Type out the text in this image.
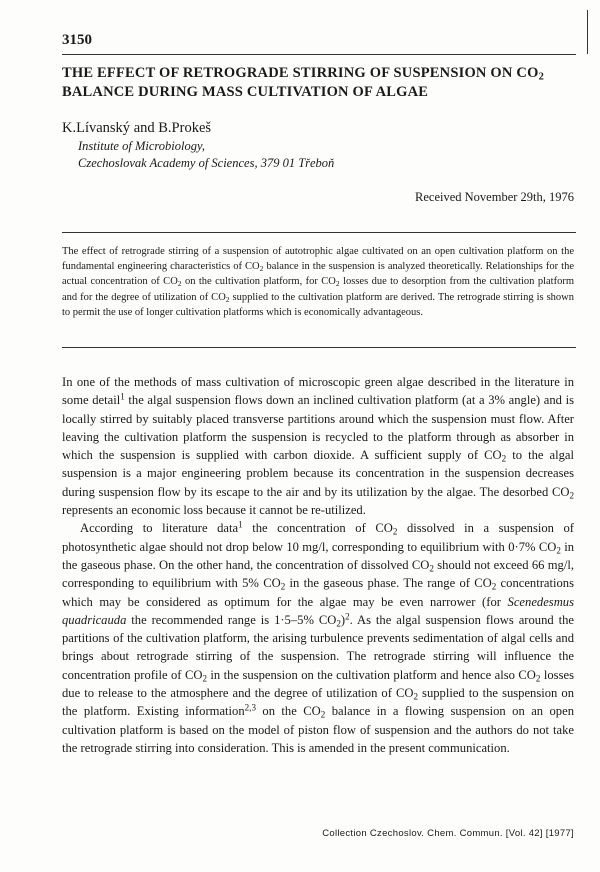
3150
THE EFFECT OF RETROGRADE STIRRING OF SUSPENSION ON $CO_2$ BALANCE DURING MASS CULTIVATION OF ALGAE
K.Lívanský and B.Prokeš
Institute of Microbiology,
Czechoslovak Academy of Sciences, 379 01 Třeboň
Received November 29th, 1976
The effect of retrograde stirring of a suspension of autotrophic algae cultivated on an open cultivation platform on the fundamental engineering characteristics of $CO_2$ balance in the suspension is analyzed theoretically. Relationships for the actual concentration of $CO_2$ on the cultivation platform, for $CO_2$ losses due to desorption from the cultivation platform and for the degree of utilization of $CO_2$ supplied to the cultivation platform are derived. The retrograde stirring is shown to permit the use of longer cultivation platforms which is economically advantageous.

In one of the methods of mass cultivation of microscopic green algae described in the literature in some detail$^1$ the algal suspension flows down an inclined cultivation platform (at a 3% angle) and is locally stirred by suitably placed transverse partitions around which the suspension must flow. After leaving the cultivation platform the suspension is recycled to the platform through as absorber in which the suspension is supplied with carbon dioxide. A sufficient supply of $CO_2$ to the algal suspension is a major engineering problem because its concentration in the suspension decreases during suspension flow by its escape to the air and by its utilization by the algae. The desorbed $CO_2$ represents an economic loss because it cannot be re-utilized.

According to literature data$^1$ the concentration of $CO_2$ dissolved in a suspension of photosynthetic algae should not drop below 10 mg/l, corresponding to equilibrium with 0·7% $CO_2$ in the gaseous phase. On the other hand, the concentration of dissolved $CO_2$ should not exceed 66 mg/l, corresponding to equilibrium with 5% $CO_2$ in the gaseous phase. The range of $CO_2$ concentrations which may be considered as optimum for the algae may be even narrower (for Scenedesmus quadricauda the recommended range is 1·5–5% $CO_2)^2$. As the algal suspension flows around the partitions of the cultivation platform, the arising turbulence prevents sedimentation of algal cells and brings about retrograde stirring of the suspension. The retrograde stirring will influence the concentration profile of $CO_2$ in the suspension on the cultivation platform and hence also $CO_2$ losses due to release to the atmosphere and the degree of utilization of $CO_2$ supplied to the suspension on the platform. Existing information$^{2,3}$ on the $CO_2$ balance in a flowing suspension on an open cultivation platform is based on the model of piston flow of suspension and the authors do not take the retrograde stirring into consideration. This is amended in the present communication.

Collection Czechoslov. Chem. Commun. [Vol. 42] [1977]
